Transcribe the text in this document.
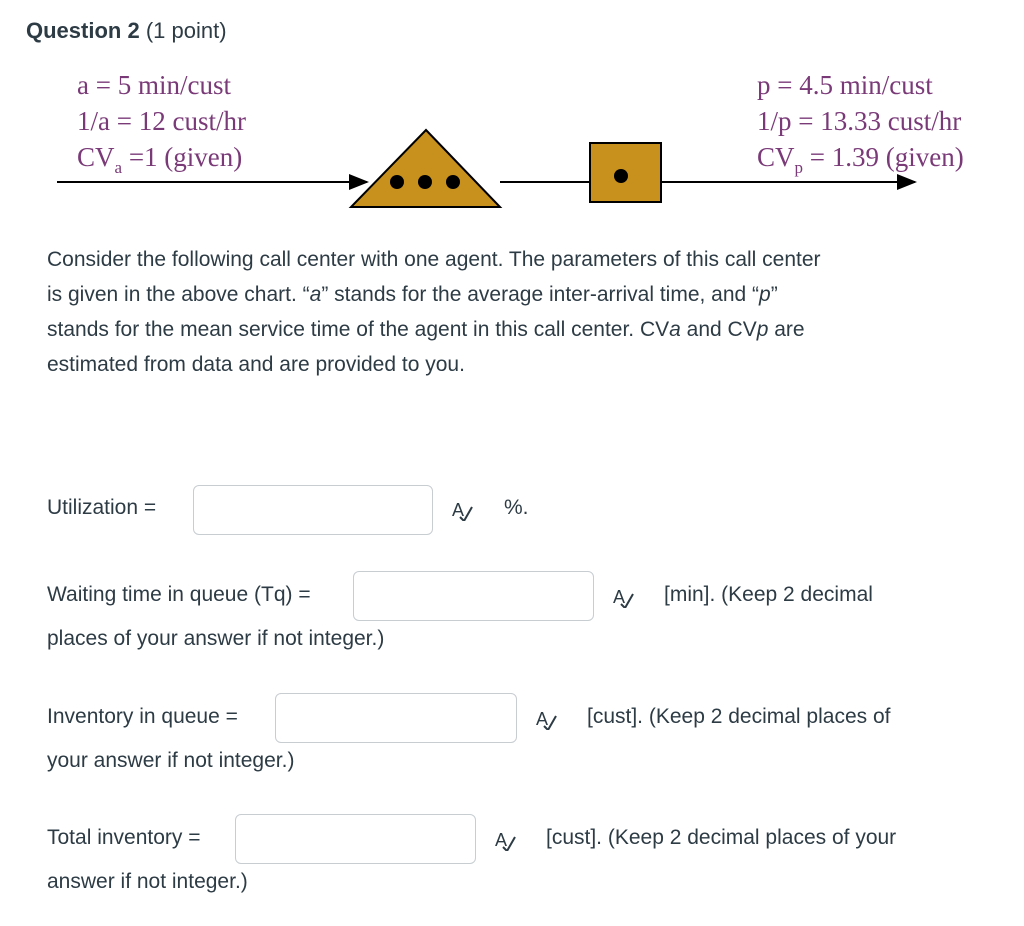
Question 2 (1 point)
a = 5 min/cust
1/a = 12 cust/hr
$CV_a =1$ (given)
p = 4.5 min/cust
1/p = 13.33 cust/hr
$CV_p = 1.39$ (given)
Consider the following call center with one agent. The parameters of this call center
is given in the above chart. “a” stands for the average inter-arrival time, and “p”
stands for the mean service time of the agent in this call center. CVa and CVp are
estimated from data and are provided to you.
Utilization =	A %.
Waiting time in queue (Tq) =	A [min]. (Keep 2 decimal
places of your answer if not integer.)
Inventory in queue =	A [cust]. (Keep 2 decimal places of
your answer if not integer.)
Total inventory =	A [cust]. (Keep 2 decimal places of your
answer if not integer.)
